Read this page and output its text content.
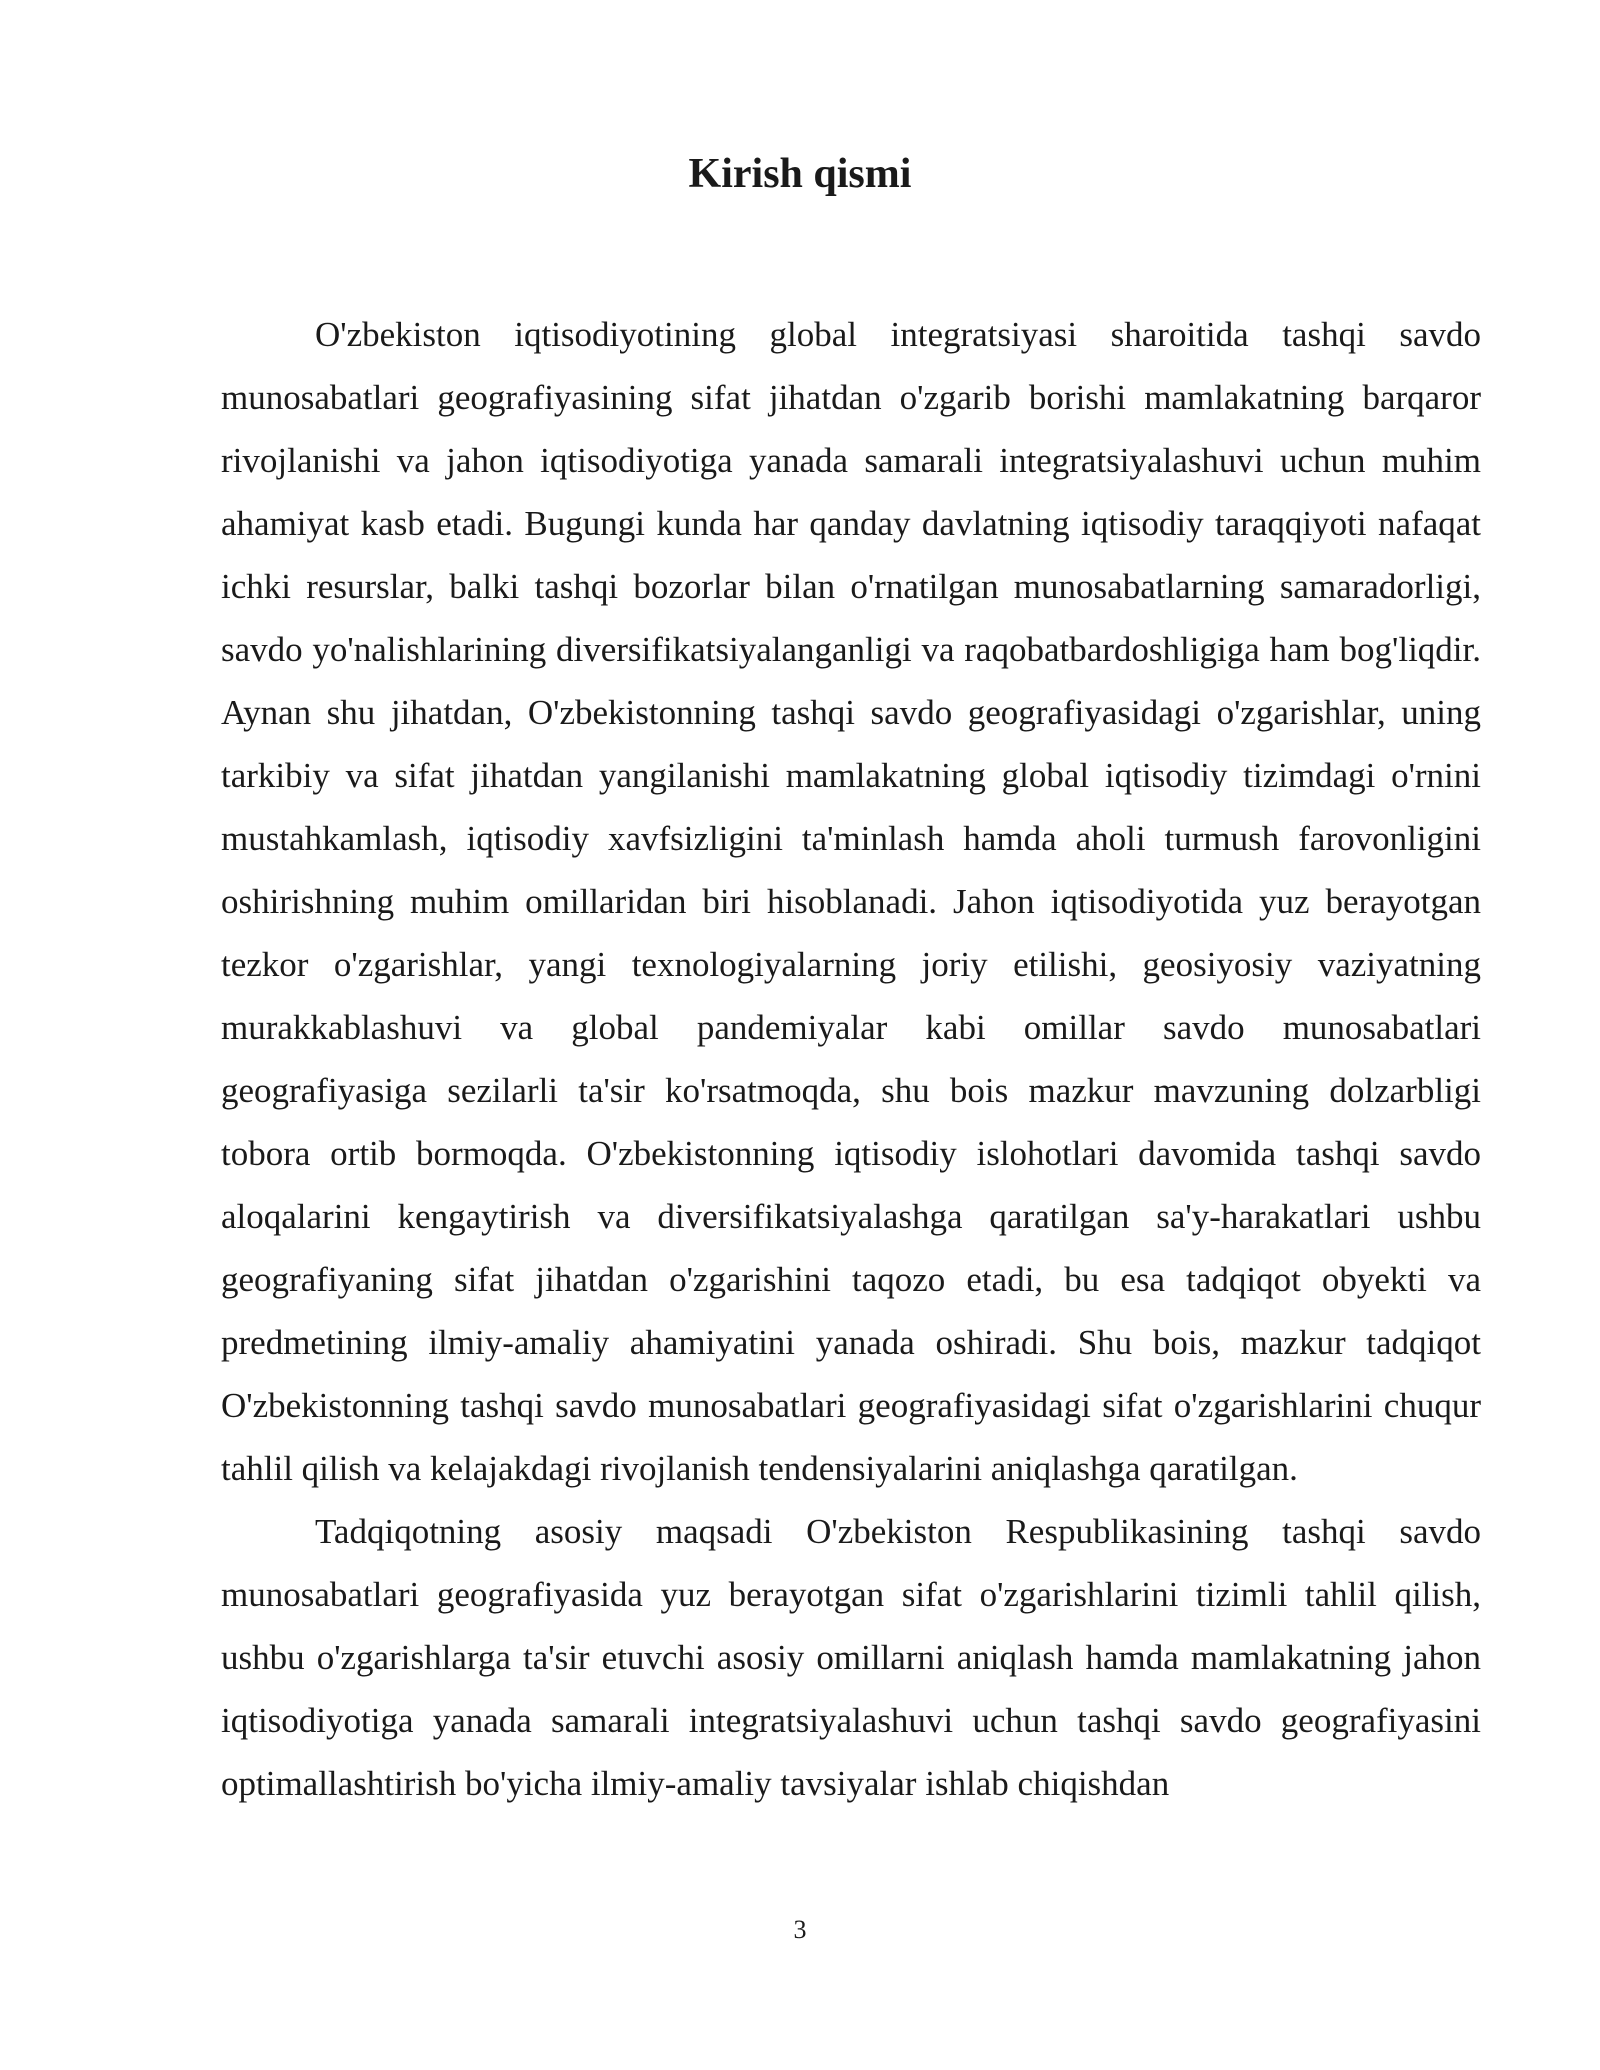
Kirish qismi

O'zbekiston iqtisodiyotining global integratsiyasi sharoitida tashqi savdo munosabatlari geografiyasining sifat jihatdan o'zgarib borishi mamlakatning barqaror rivojlanishi va jahon iqtisodiyotiga yanada samarali integratsiyalashuvi uchun muhim ahamiyat kasb etadi. Bugungi kunda har qanday davlatning iqtisodiy taraqqiyoti nafaqat ichki resurslar, balki tashqi bozorlar bilan o'rnatilgan munosabatlarning samaradorligi, savdo yo'nalishlarining diversifikatsiyalanganligi va raqobatbardoshligiga ham bog'liqdir. Aynan shu jihatdan, O'zbekistonning tashqi savdo geografiyasidagi o'zgarishlar, uning tarkibiy va sifat jihatdan yangilanishi mamlakatning global iqtisodiy tizimdagi o'rnini mustahkamlash, iqtisodiy xavfsizligini ta'minlash hamda aholi turmush farovonligini oshirishning muhim omillaridan biri hisoblanadi. Jahon iqtisodiyotida yuz berayotgan tezkor o'zgarishlar, yangi texnologiyalarning joriy etilishi, geosiyosiy vaziyatning murakkablashuvi va global pandemiyalar kabi omillar savdo munosabatlari geografiyasiga sezilarli ta'sir ko'rsatmoqda, shu bois mazkur mavzuning dolzarbligi tobora ortib bormoqda. O'zbekistonning iqtisodiy islohotlari davomida tashqi savdo aloqalarini kengaytirish va diversifikatsiyalashga qaratilgan sa'y-harakatlari ushbu geografiyaning sifat jihatdan o'zgarishini taqozo etadi, bu esa tadqiqot obyekti va predmetining ilmiy-amaliy ahamiyatini yanada oshiradi. Shu bois, mazkur tadqiqot O'zbekistonning tashqi savdo munosabatlari geografiyasidagi sifat o'zgarishlarini chuqur tahlil qilish va kelajakdagi rivojlanish tendensiyalarini aniqlashga qaratilgan.

Tadqiqotning asosiy maqsadi O'zbekiston Respublikasining tashqi savdo munosabatlari geografiyasida yuz berayotgan sifat o'zgarishlarini tizimli tahlil qilish, ushbu o'zgarishlarga ta'sir etuvchi asosiy omillarni aniqlash hamda mamlakatning jahon iqtisodiyotiga yanada samarali integratsiyalashuvi uchun tashqi savdo geografiyasini optimallashtirish bo'yicha ilmiy-amaliy tavsiyalar ishlab chiqishdan

3
